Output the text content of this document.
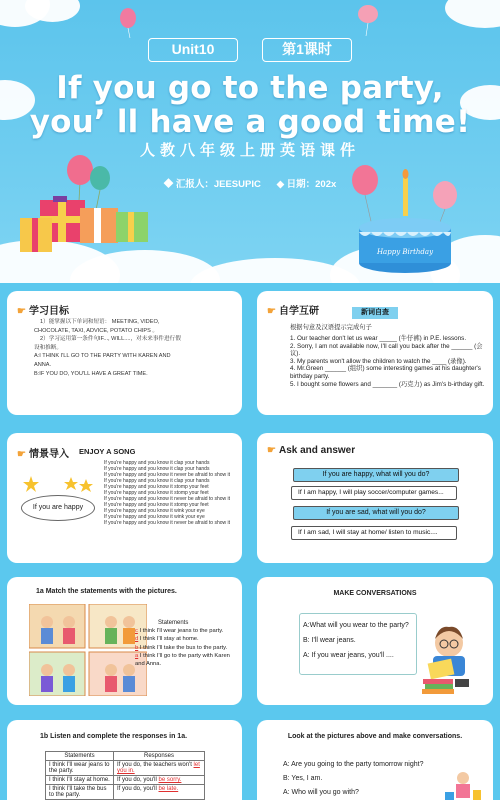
Unit10	第1课时
If you go to the party,
you’ ll have a good time!
人教八年级上册英语课件
◆ 汇报人：JEESUPIC ◆ 日期：202x
Happy Birthday
☛ 学习目标
1）能掌握以下单词和短语： MEETING, VIDEO,
CHOCOLATE, TAXI, ADVICE, POTATO CHIPS 。
2）学习运用第一条件句IF..., WILL....，对未来事件进行假
设和推断。
A:I THINK I'LL GO TO THE PARTY WITH KAREN AND
ANNA.
B:IF YOU DO, YOU'LL HAVE A GREAT TIME.
☛ 自学互研	新词自查
根据句意及汉语提示完成句子
1. Our teacher don't let us wear _____ (牛仔裤) in P.E. lessons.
2. Sorry, I am not available now, I'll call you back after the ______ (会议).
3. My parents won't allow the children to watch the ____ (录像).
4. Mr.Green ______ (组织) some interesting games at his daughter's birthday party.
5. I bought some flowers and _______ (巧克力) as Jim's b-irthday gift.
☛ 情景导入 ENJOY A SONG
If you are happy
If you're happy and you know it clap your hands
If you're happy and you know it clap your hands
If you're happy and you know it never be afraid to show it
If you're happy and you know it clap your hands
If you're happy and you know it stomp your feet
If you're happy and you know it stomp your feet
If you're happy and you know it never be afraid to show it
If you're happy and you know it stomp your feet
If you're happy and you know it wink your eye
If you're happy and you know it wink your eye
If you're happy and you know it never be afraid to show it
☛ Ask and answer
If you are happy, what will you do?
If I am happy, I will play soccer/computer games...
If you are sad, what will you do?
If I am sad, I will stay at home/ listen to music....
1a Match the statements with the pictures.
Statements
c I think I'll wear jeans to the party.
d I think I'll stay at home.
b I think I'll take the bus to the party.
a I think I'll go to the party with Karen and Anna.
MAKE CONVERSATIONS
A:What will you wear to the party?
B: I'll wear jeans.
A: If you wear jeans, you'll ....
1b Listen and complete the responses in 1a.
Statements	Responses
I think I'll wear jeans to the party.	If you do, the teachers won't let you in.
I think I'll stay at home.	If you do, you'll be sorry.
I think I'll take the bus to the party.	If you do, you'll be late.
Look at the pictures above and make conversations.
A: Are you going to the party tomorrow night?
B: Yes, I am.
A: Who will you go with?
